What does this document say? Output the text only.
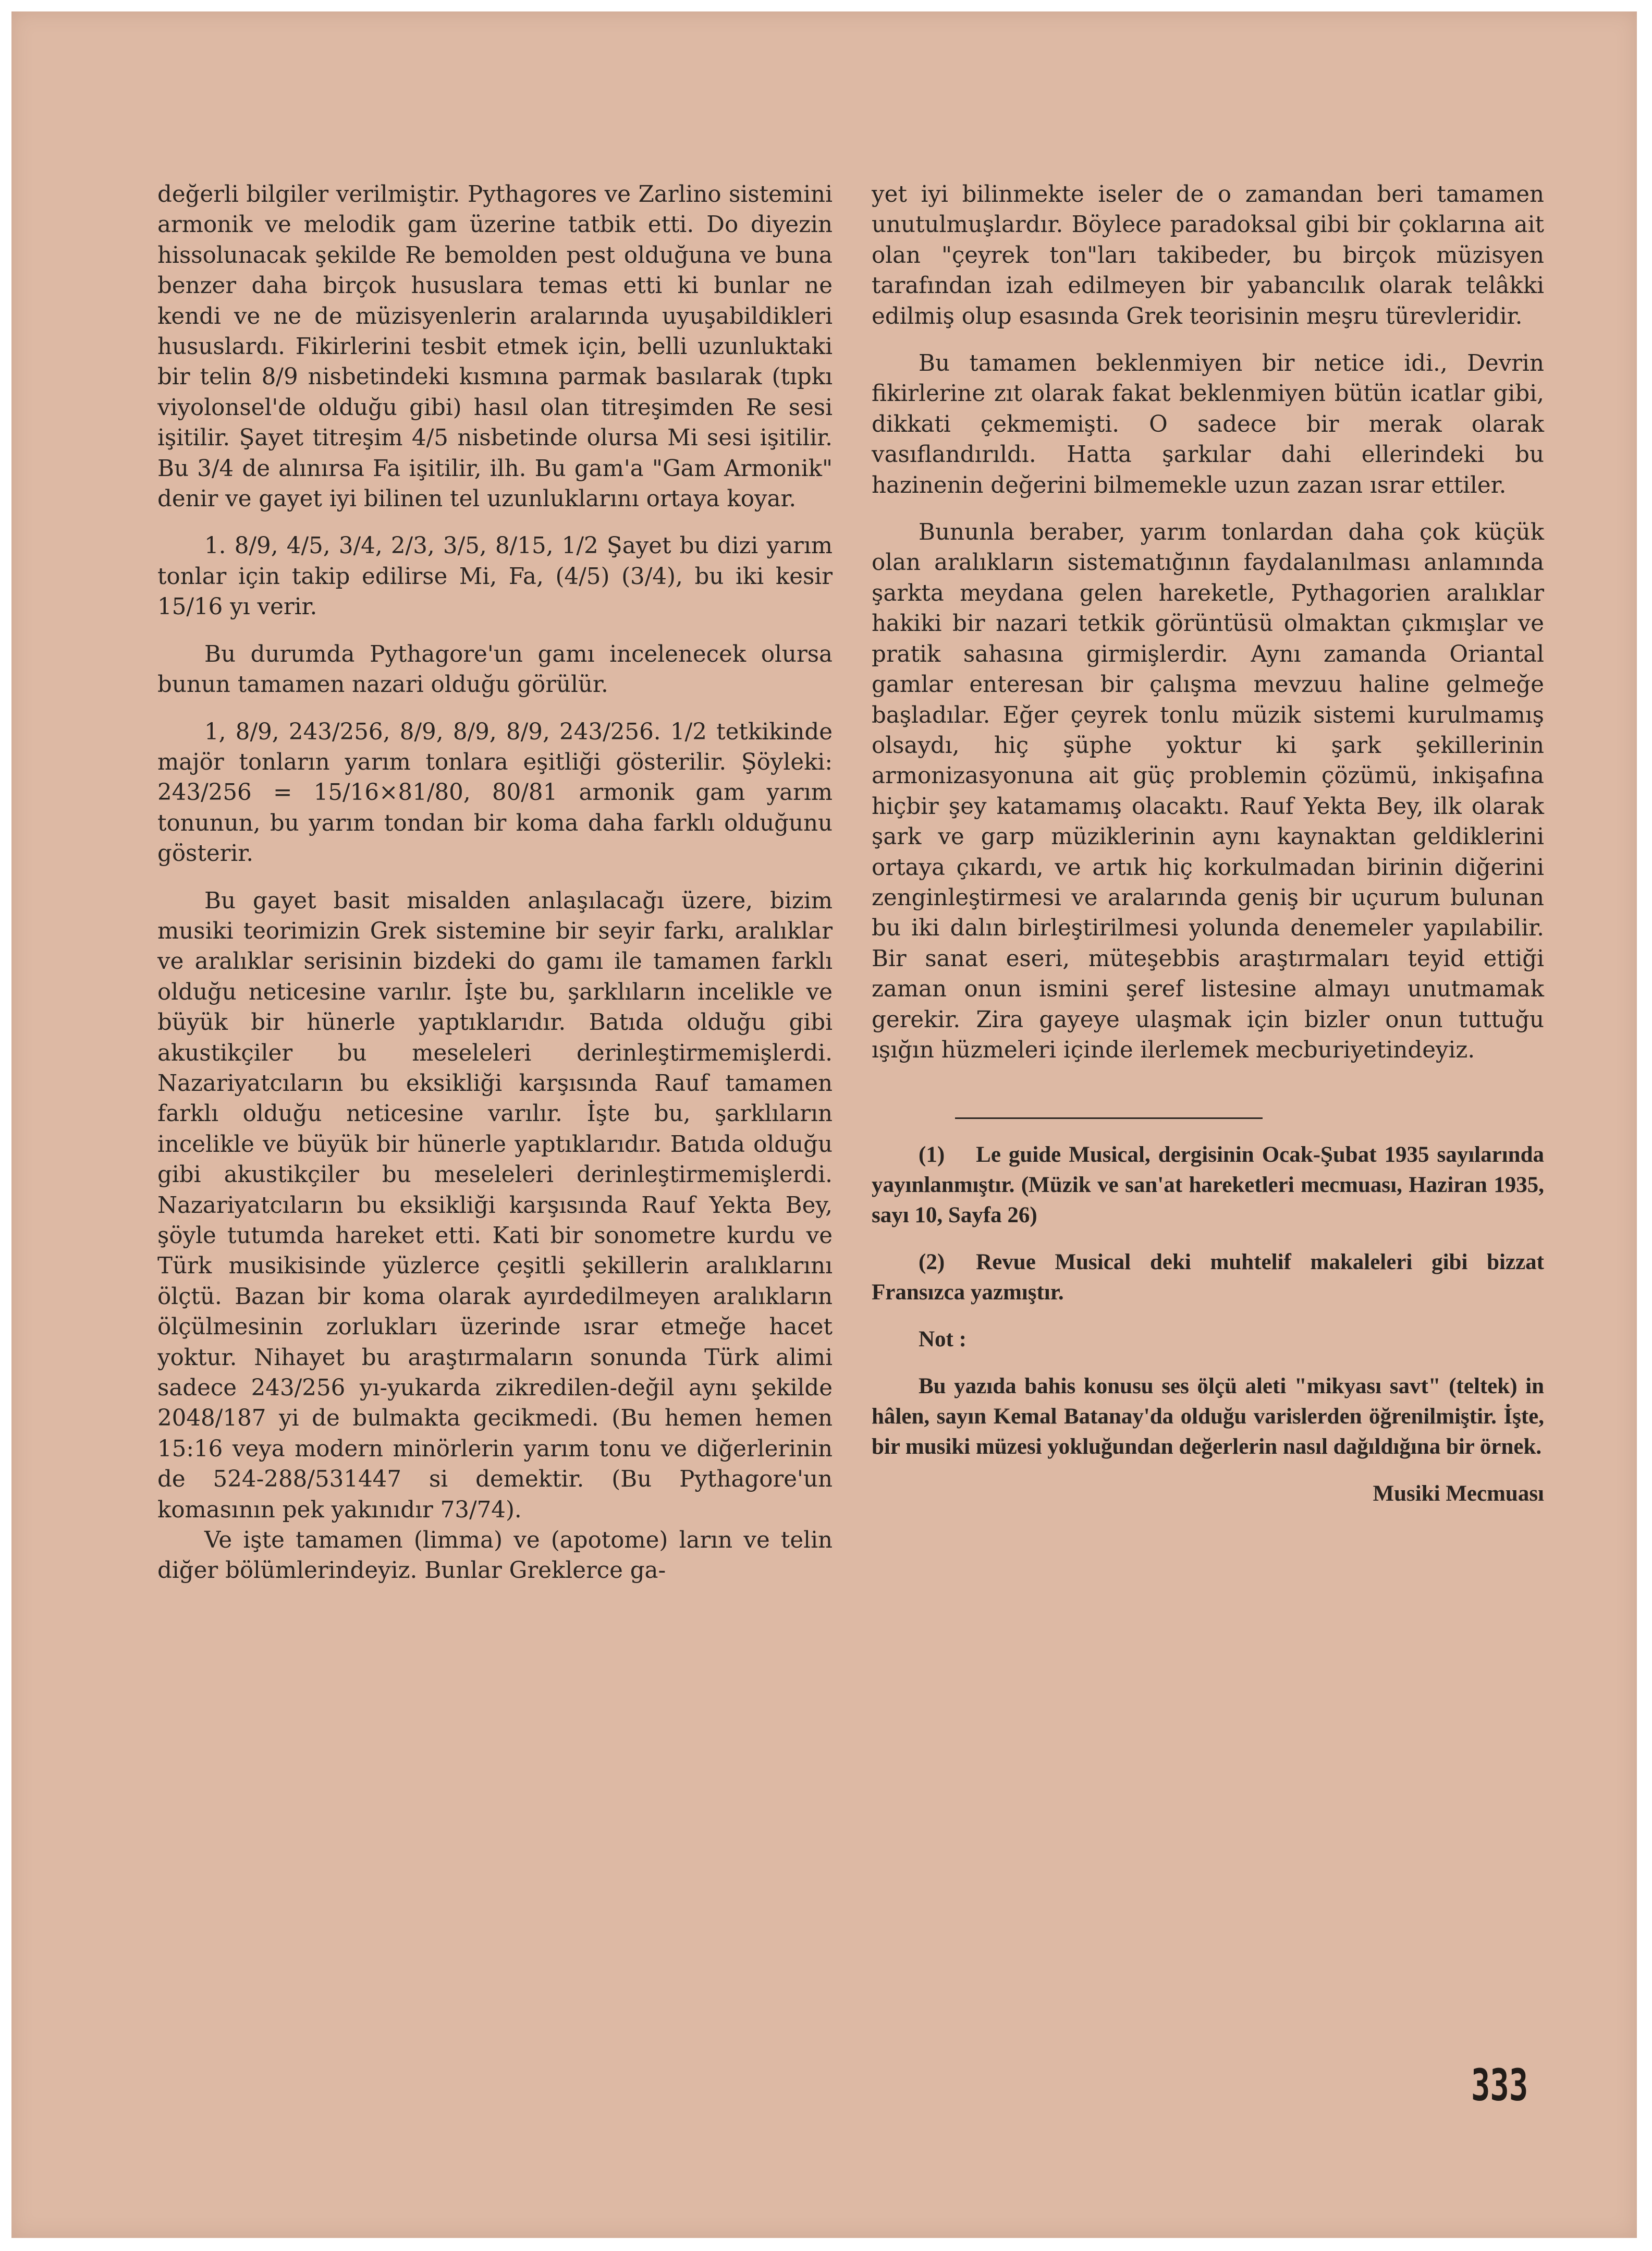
değerli bilgiler verilmiştir. Pythagores ve Zarlino sistemini armonik ve melodik gam üzerine tatbik etti. Do diyezin hissolunacak şekilde Re bemolden pest olduğuna ve buna benzer daha birçok hususlara temas etti ki bunlar ne kendi ve ne de müzisyenlerin aralarında uyuşabildikleri hususlardı. Fikirlerini tesbit etmek için, belli uzunluktaki bir telin 8/9 nisbetindeki kısmına parmak basılarak (tıpkı viyolonsel'de olduğu gibi) hasıl olan titreşimden Re sesi işitilir. Şayet titreşim 4/5 nisbetinde olursa Mi sesi işitilir. Bu 3/4 de alınırsa Fa işitilir, ilh. Bu gam'a "Gam Armonik" denir ve gayet iyi bilinen tel uzunluklarını ortaya koyar.

1. 8/9, 4/5, 3/4, 2/3, 3/5, 8/15, 1/2 Şayet bu dizi yarım tonlar için takip edilirse Mi, Fa, (4/5) (3/4), bu iki kesir 15/16 yı verir.

Bu durumda Pythagore'un gamı incelenecek olursa bunun tamamen nazari olduğu görülür.

1, 8/9, 243/256, 8/9, 8/9, 8/9, 243/256. 1/2 tetkikinde majör tonların yarım tonlara eşitliği gösterilir. Şöyleki: 243/256 = 15/16×81/80, 80/81 armonik gam yarım tonunun, bu yarım tondan bir koma daha farklı olduğunu gösterir.

Bu gayet basit misalden anlaşılacağı üzere, bizim musiki teorimizin Grek sistemine bir seyir farkı, aralıklar ve aralıklar serisinin bizdeki do gamı ile tamamen farklı olduğu neticesine varılır. İşte bu, şarklıların incelikle ve büyük bir hünerle yaptıklarıdır. Batıda olduğu gibi akustikçiler bu meseleleri derinleştirmemişlerdi. Nazariyatcıların bu eksikliği karşısında Rauf tamamen farklı olduğu neticesine varılır. İşte bu, şarklıların incelikle ve büyük bir hünerle yaptıklarıdır. Batıda olduğu gibi akustikçiler bu meseleleri derinleştirmemişlerdi. Nazariyatcıların bu eksikliği karşısında Rauf Yekta Bey, şöyle tutumda hareket etti. Kati bir sonometre kurdu ve Türk musikisinde yüzlerce çeşitli şekillerin aralıklarını ölçtü. Bazan bir koma olarak ayırdedilmeyen aralıkların ölçülmesinin zorlukları üzerinde ısrar etmeğe hacet yoktur. Nihayet bu araştırmaların sonunda Türk alimi sadece 243/256 yı-yukarda zikredilen-değil aynı şekilde 2048/187 yi de bulmakta gecikmedi. (Bu hemen hemen 15:16 veya modern minörlerin yarım tonu ve diğerlerinin de 524-288/531447 si demektir. (Bu Pythagore'un komasının pek yakınıdır 73/74).

Ve işte tamamen (limma) ve (apotome) ların ve telin diğer bölümlerindeyiz. Bunlar Greklerce ga-

yet iyi bilinmekte iseler de o zamandan beri tamamen unutulmuşlardır. Böylece paradoksal gibi bir çoklarına ait olan "çeyrek ton"ları takibeder, bu birçok müzisyen tarafından izah edilmeyen bir yabancılık olarak telâkki edilmiş olup esasında Grek teorisinin meşru türevleridir.

Bu tamamen beklenmiyen bir netice idi., Devrin fikirlerine zıt olarak fakat beklenmiyen bütün icatlar gibi, dikkati çekmemişti. O sadece bir merak olarak vasıflandırıldı. Hatta şarkılar dahi ellerindeki bu hazinenin değerini bilmemekle uzun zazan ısrar ettiler.

Bununla beraber, yarım tonlardan daha çok küçük olan aralıkların sistematığının faydalanılması anlamında şarkta meydana gelen hareketle, Pythagorien aralıklar hakiki bir nazari tetkik görüntüsü olmaktan çıkmışlar ve pratik sahasına girmişlerdir. Aynı zamanda Oriantal gamlar enteresan bir çalışma mevzuu haline gelmeğe başladılar. Eğer çeyrek tonlu müzik sistemi kurulmamış olsaydı, hiç şüphe yoktur ki şark şekillerinin armonizasyonuna ait güç problemin çözümü, inkişafına hiçbir şey katamamış olacaktı. Rauf Yekta Bey, ilk olarak şark ve garp müziklerinin aynı kaynaktan geldiklerini ortaya çıkardı, ve artık hiç korkulmadan birinin diğerini zenginleştirmesi ve aralarında geniş bir uçurum bulunan bu iki dalın birleştirilmesi yolunda denemeler yapılabilir. Bir sanat eseri, müteşebbis araştırmaları teyid ettiği zaman onun ismini şeref listesine almayı unutmamak gerekir. Zira gayeye ulaşmak için bizler onun tuttuğu ışığın hüzmeleri içinde ilerlemek mecburiyetindeyiz.

(1) Le guide Musical, dergisinin Ocak-Şubat 1935 sayılarında yayınlanmıştır. (Müzik ve san'at hareketleri mecmuası, Haziran 1935, sayı 10, Sayfa 26)

(2) Revue Musical deki muhtelif makaleleri gibi bizzat Fransızca yazmıştır.

Not :

Bu yazıda bahis konusu ses ölçü aleti "mikyası savt" (teltek) in hâlen, sayın Kemal Batanay'da olduğu varislerden öğrenilmiştir. İşte, bir musiki müzesi yokluğundan değerlerin nasıl dağıldığına bir örnek.

Musiki Mecmuası

333
